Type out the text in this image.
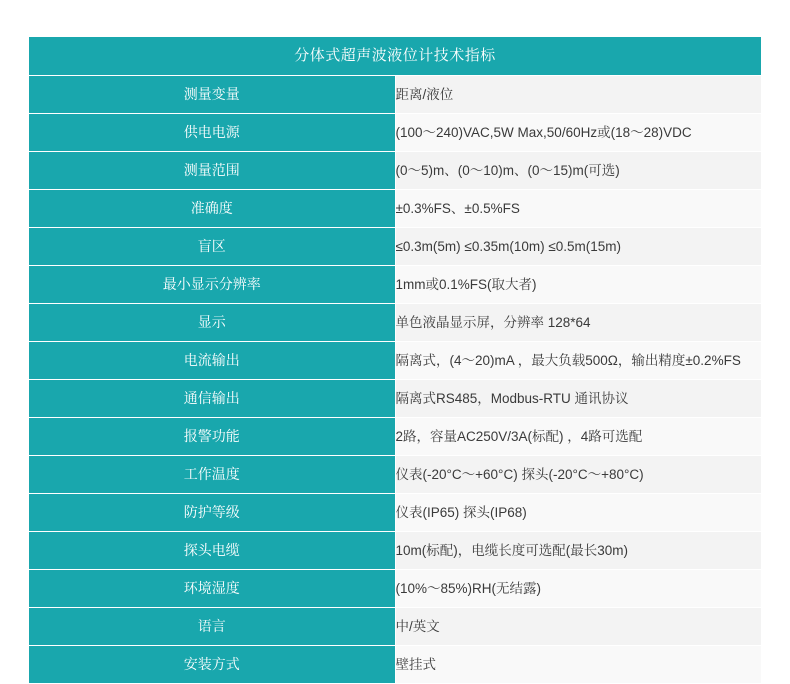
分体式超声波液位计技术指标	
测量变量	距离/液位
供电电源	(100～240)VAC,5W Max,50/60Hz或(18～28)VDC
测量范围	(0～5)m、(0～10)m、(0～15)m(可选)
准确度	±0.3%FS、±0.5%FS
盲区	≤0.3m(5m) ≤0.35m(10m) ≤0.5m(15m)
最小显示分辨率	1mm或0.1%FS(取大者)
显示	单色液晶显示屏，分辨率 128*64
电流输出	隔离式，(4～20)mA ，最大负载500Ω，输出精度±0.2%FS
通信输出	隔离式RS485，Modbus-RTU 通讯协议
报警功能	2路，容量AC250V/3A(标配) ，4路可选配
工作温度	仪表(-20°C～+60°C) 探头(-20°C～+80°C)
防护等级	仪表(IP65) 探头(IP68)
探头电缆	10m(标配)，电缆长度可选配(最长30m)
环境湿度	(10%～85%)RH(无结露)
语言	中/英文
安装方式	壁挂式
